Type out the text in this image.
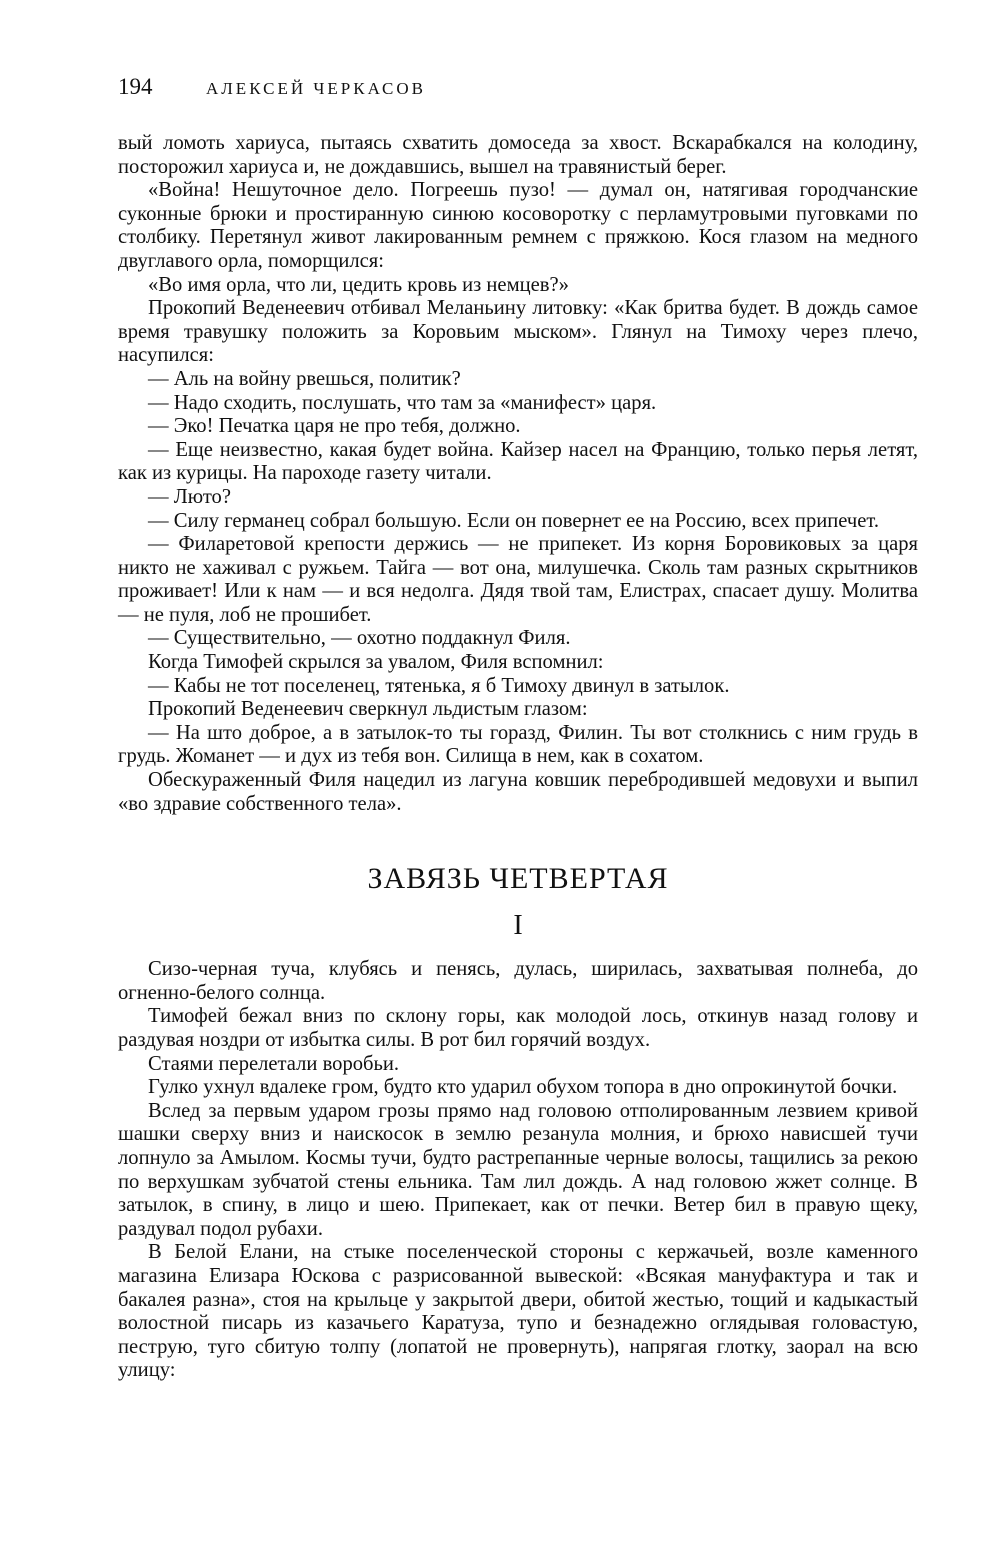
194	АЛЕКСЕЙ ЧЕРКАСОВ

вый ломоть хариуса, пытаясь схватить домоседа за хвост. Вскарабкался на колодину, посторожил хариуса и, не дождавшись, вышел на травянистый берег.

«Война! Нешуточное дело. Погреешь пузо! — думал он, натягивая городчанские суконные брюки и простиранную синюю косоворотку с перламутровыми пуговками по столбику. Перетянул живот лакированным ремнем с пряжкою. Кося глазом на медного двуглавого орла, поморщился:

«Во имя орла, что ли, цедить кровь из немцев?»

Прокопий Веденеевич отбивал Меланьину литовку: «Как бритва будет. В дождь самое время травушку положить за Коровьим мыском». Глянул на Тимоху через плечо, насупился:

— Аль на войну рвешься, политик?

— Надо сходить, послушать, что там за «манифест» царя.

— Эко! Печатка царя не про тебя, должно.

— Еще неизвестно, какая будет война. Кайзер насел на Францию, только перья летят, как из курицы. На пароходе газету читали.

— Люто?

— Силу германец собрал большую. Если он повернет ее на Россию, всех припечет.

— Филаретовой крепости держись — не припекет. Из корня Боровиковых за царя никто не хаживал с ружьем. Тайга — вот она, милушечка. Сколь там разных скрытников проживает! Или к нам — и вся недолга. Дядя твой там, Елистрах, спасает душу. Молитва — не пуля, лоб не прошибет.

— Существительно, — охотно поддакнул Филя.

Когда Тимофей скрылся за увалом, Филя вспомнил:

— Кабы не тот поселенец, тятенька, я б Тимоху двинул в затылок.

Прокопий Веденеевич сверкнул льдистым глазом:

— На што доброе, а в затылок-то ты горазд, Филин. Ты вот столкнись с ним грудь в грудь. Жоманет — и дух из тебя вон. Силища в нем, как в сохатом.

Обескураженный Филя нацедил из лагуна ковшик перебродившей медовухи и выпил «во здравие собственного тела».

ЗАВЯЗЬ ЧЕТВЕРТАЯ
I

Сизо-черная туча, клубясь и пенясь, дулась, ширилась, захватывая полнеба, до огненно-белого солнца.

Тимофей бежал вниз по склону горы, как молодой лось, откинув назад голову и раздувая ноздри от избытка силы. В рот бил горячий воздух.

Стаями перелетали воробьи.

Гулко ухнул вдалеке гром, будто кто ударил обухом топора в дно опрокинутой бочки.

Вслед за первым ударом грозы прямо над головою отполированным лезвием кривой шашки сверху вниз и наискосок в землю резанула молния, и брюхо нависшей тучи лопнуло за Амылом. Космы тучи, будто растрепанные черные волосы, тащились за рекою по верхушкам зубчатой стены ельника. Там лил дождь. А над головою жжет солнце. В затылок, в спину, в лицо и шею. Припекает, как от печки. Ветер бил в правую щеку, раздувал подол рубахи.

В Белой Елани, на стыке поселенческой стороны с кержачьей, возле каменного магазина Елизара Юскова с разрисованной вывеской: «Всякая мануфактура и так и бакалея разна», стоя на крыльце у закрытой двери, обитой жестью, тощий и кадыкастый волостной писарь из казачьего Каратуза, тупо и безнадежно оглядывая головастую, пеструю, туго сбитую толпу (лопатой не провернуть), напрягая глотку, заорал на всю улицу:
